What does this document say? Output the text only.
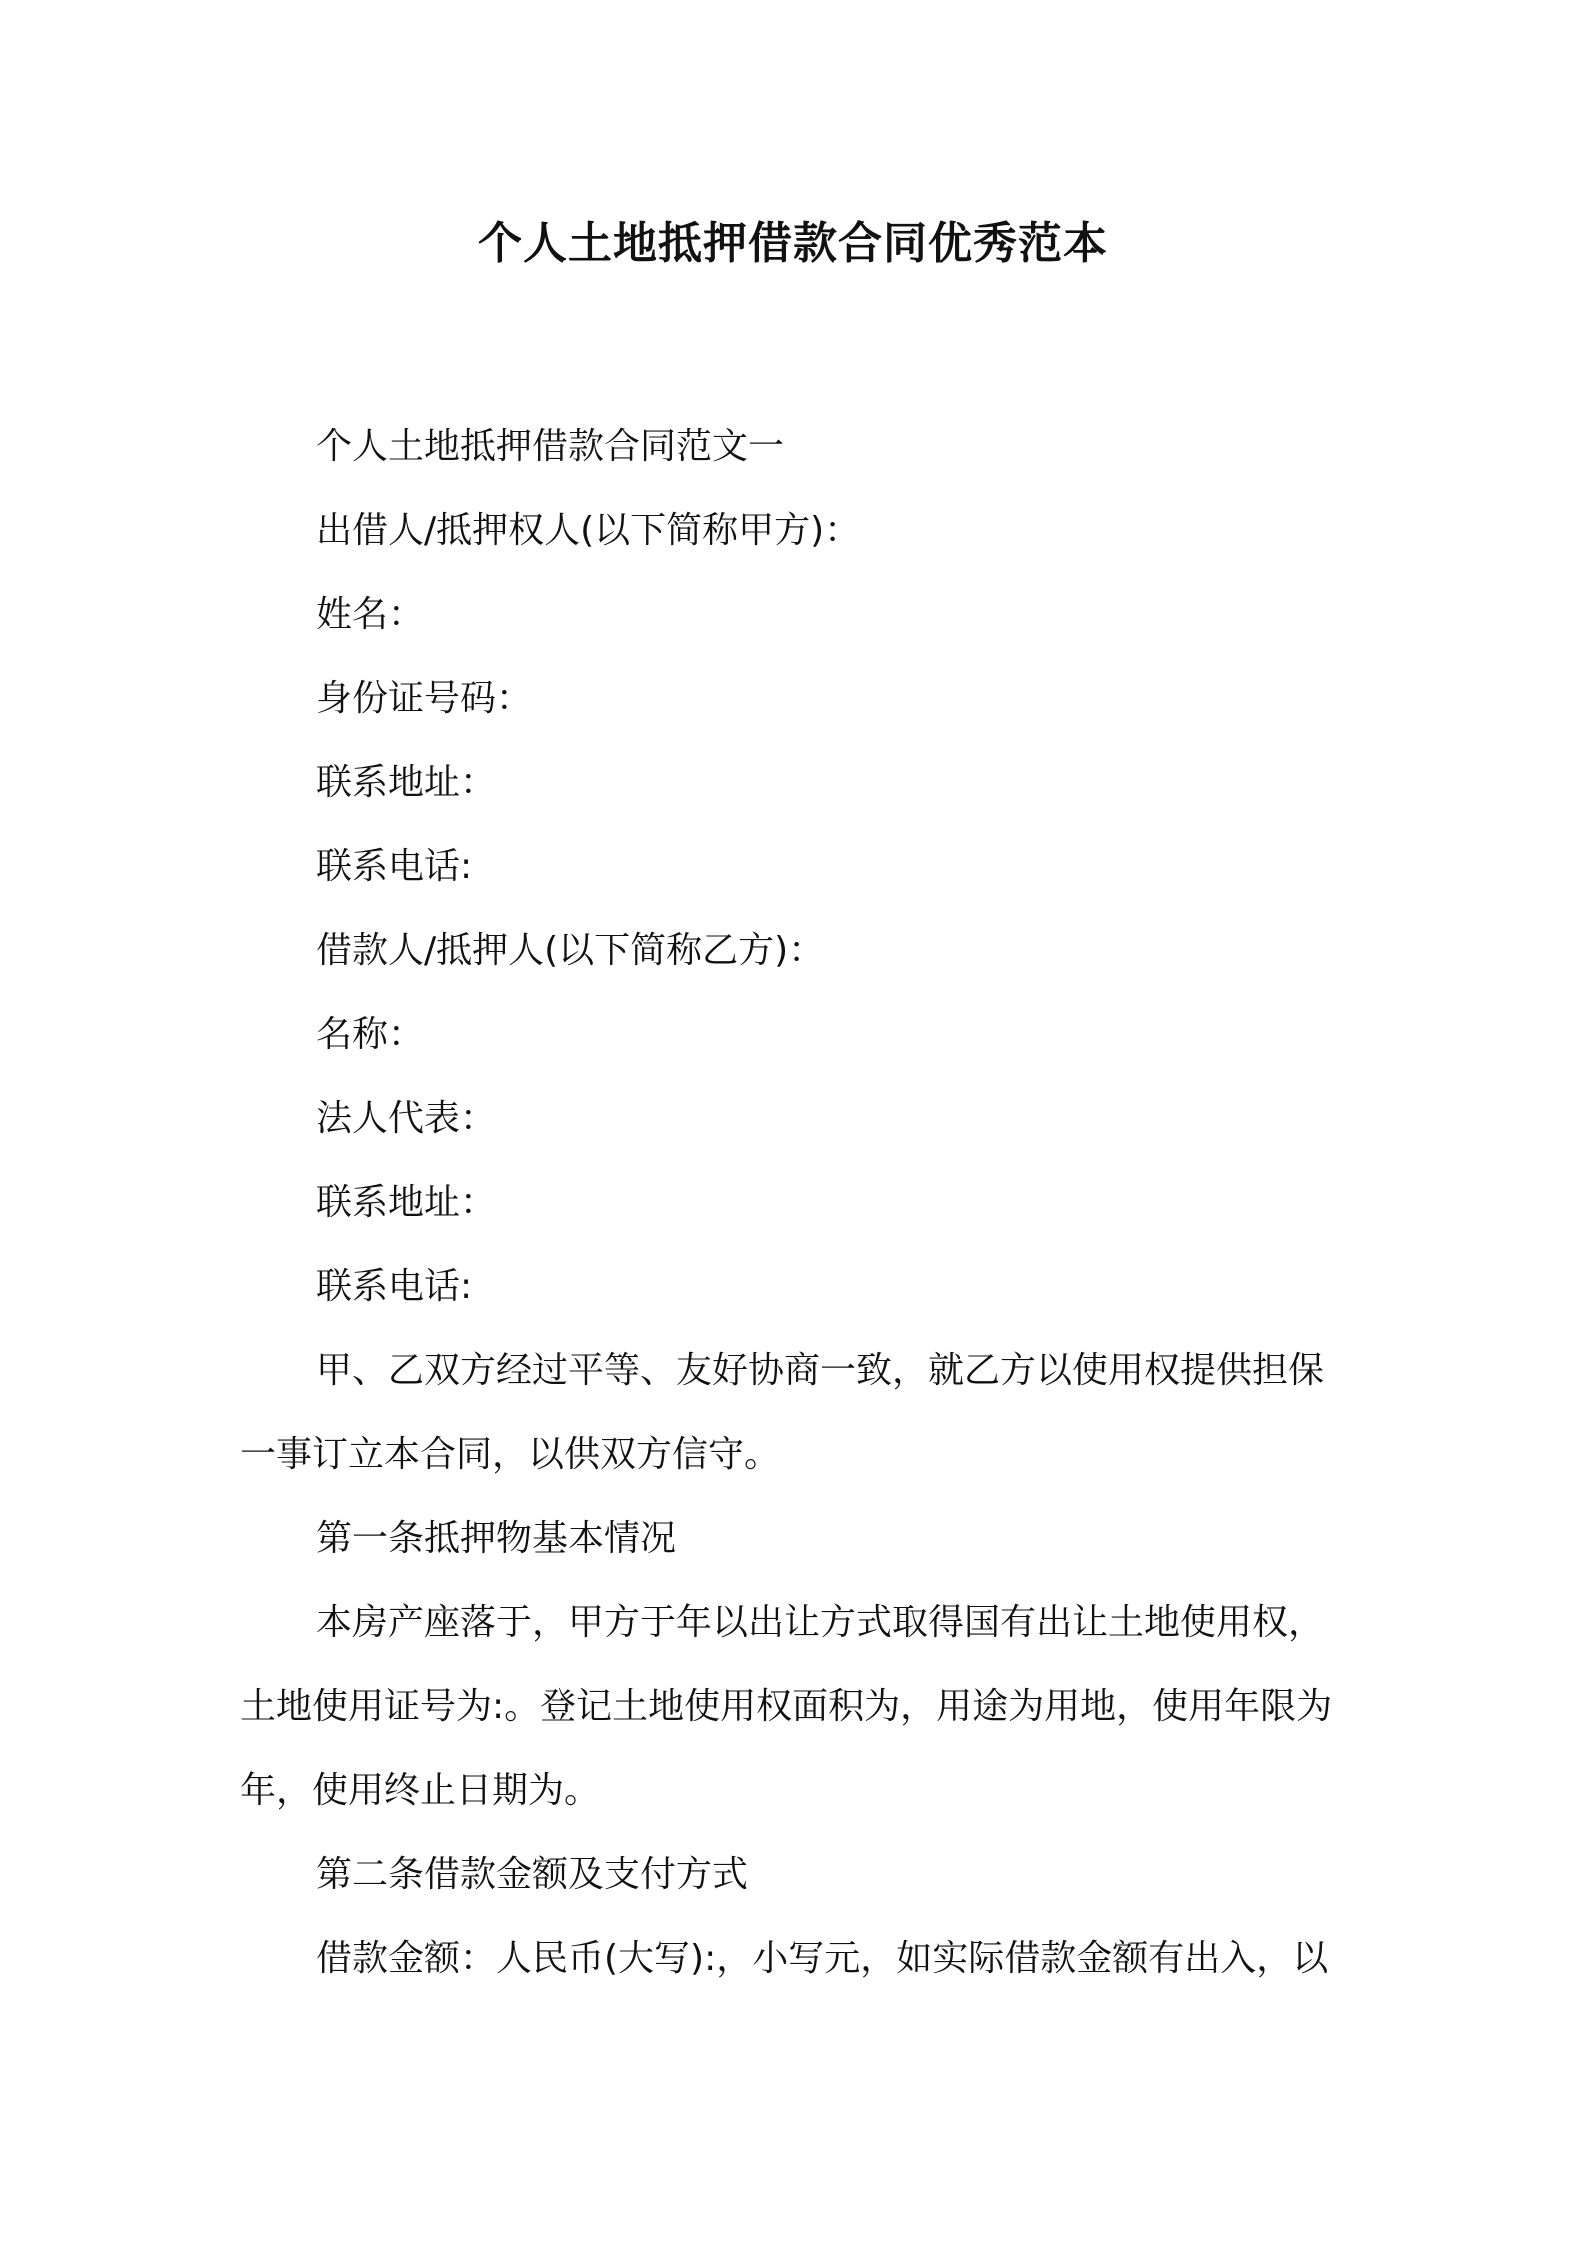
个人土地抵押借款合同优秀范本

个人土地抵押借款合同范文一

出借人/抵押权人(以下简称甲方)：

姓名：

身份证号码：

联系地址：

联系电话:

借款人/抵押人(以下简称乙方)：

名称：

法人代表：

联系地址：

联系电话:

甲、乙双方经过平等、友好协商一致，就乙方以使用权提供担保一事订立本合同，以供双方信守。

第一条抵押物基本情况

本房产座落于，甲方于年以出让方式取得国有出让土地使用权，土地使用证号为:。登记土地使用权面积为，用途为用地，使用年限为年，使用终止日期为。

第二条借款金额及支付方式

借款金额：人民币(大写):，小写元，如实际借款金额有出入，以
